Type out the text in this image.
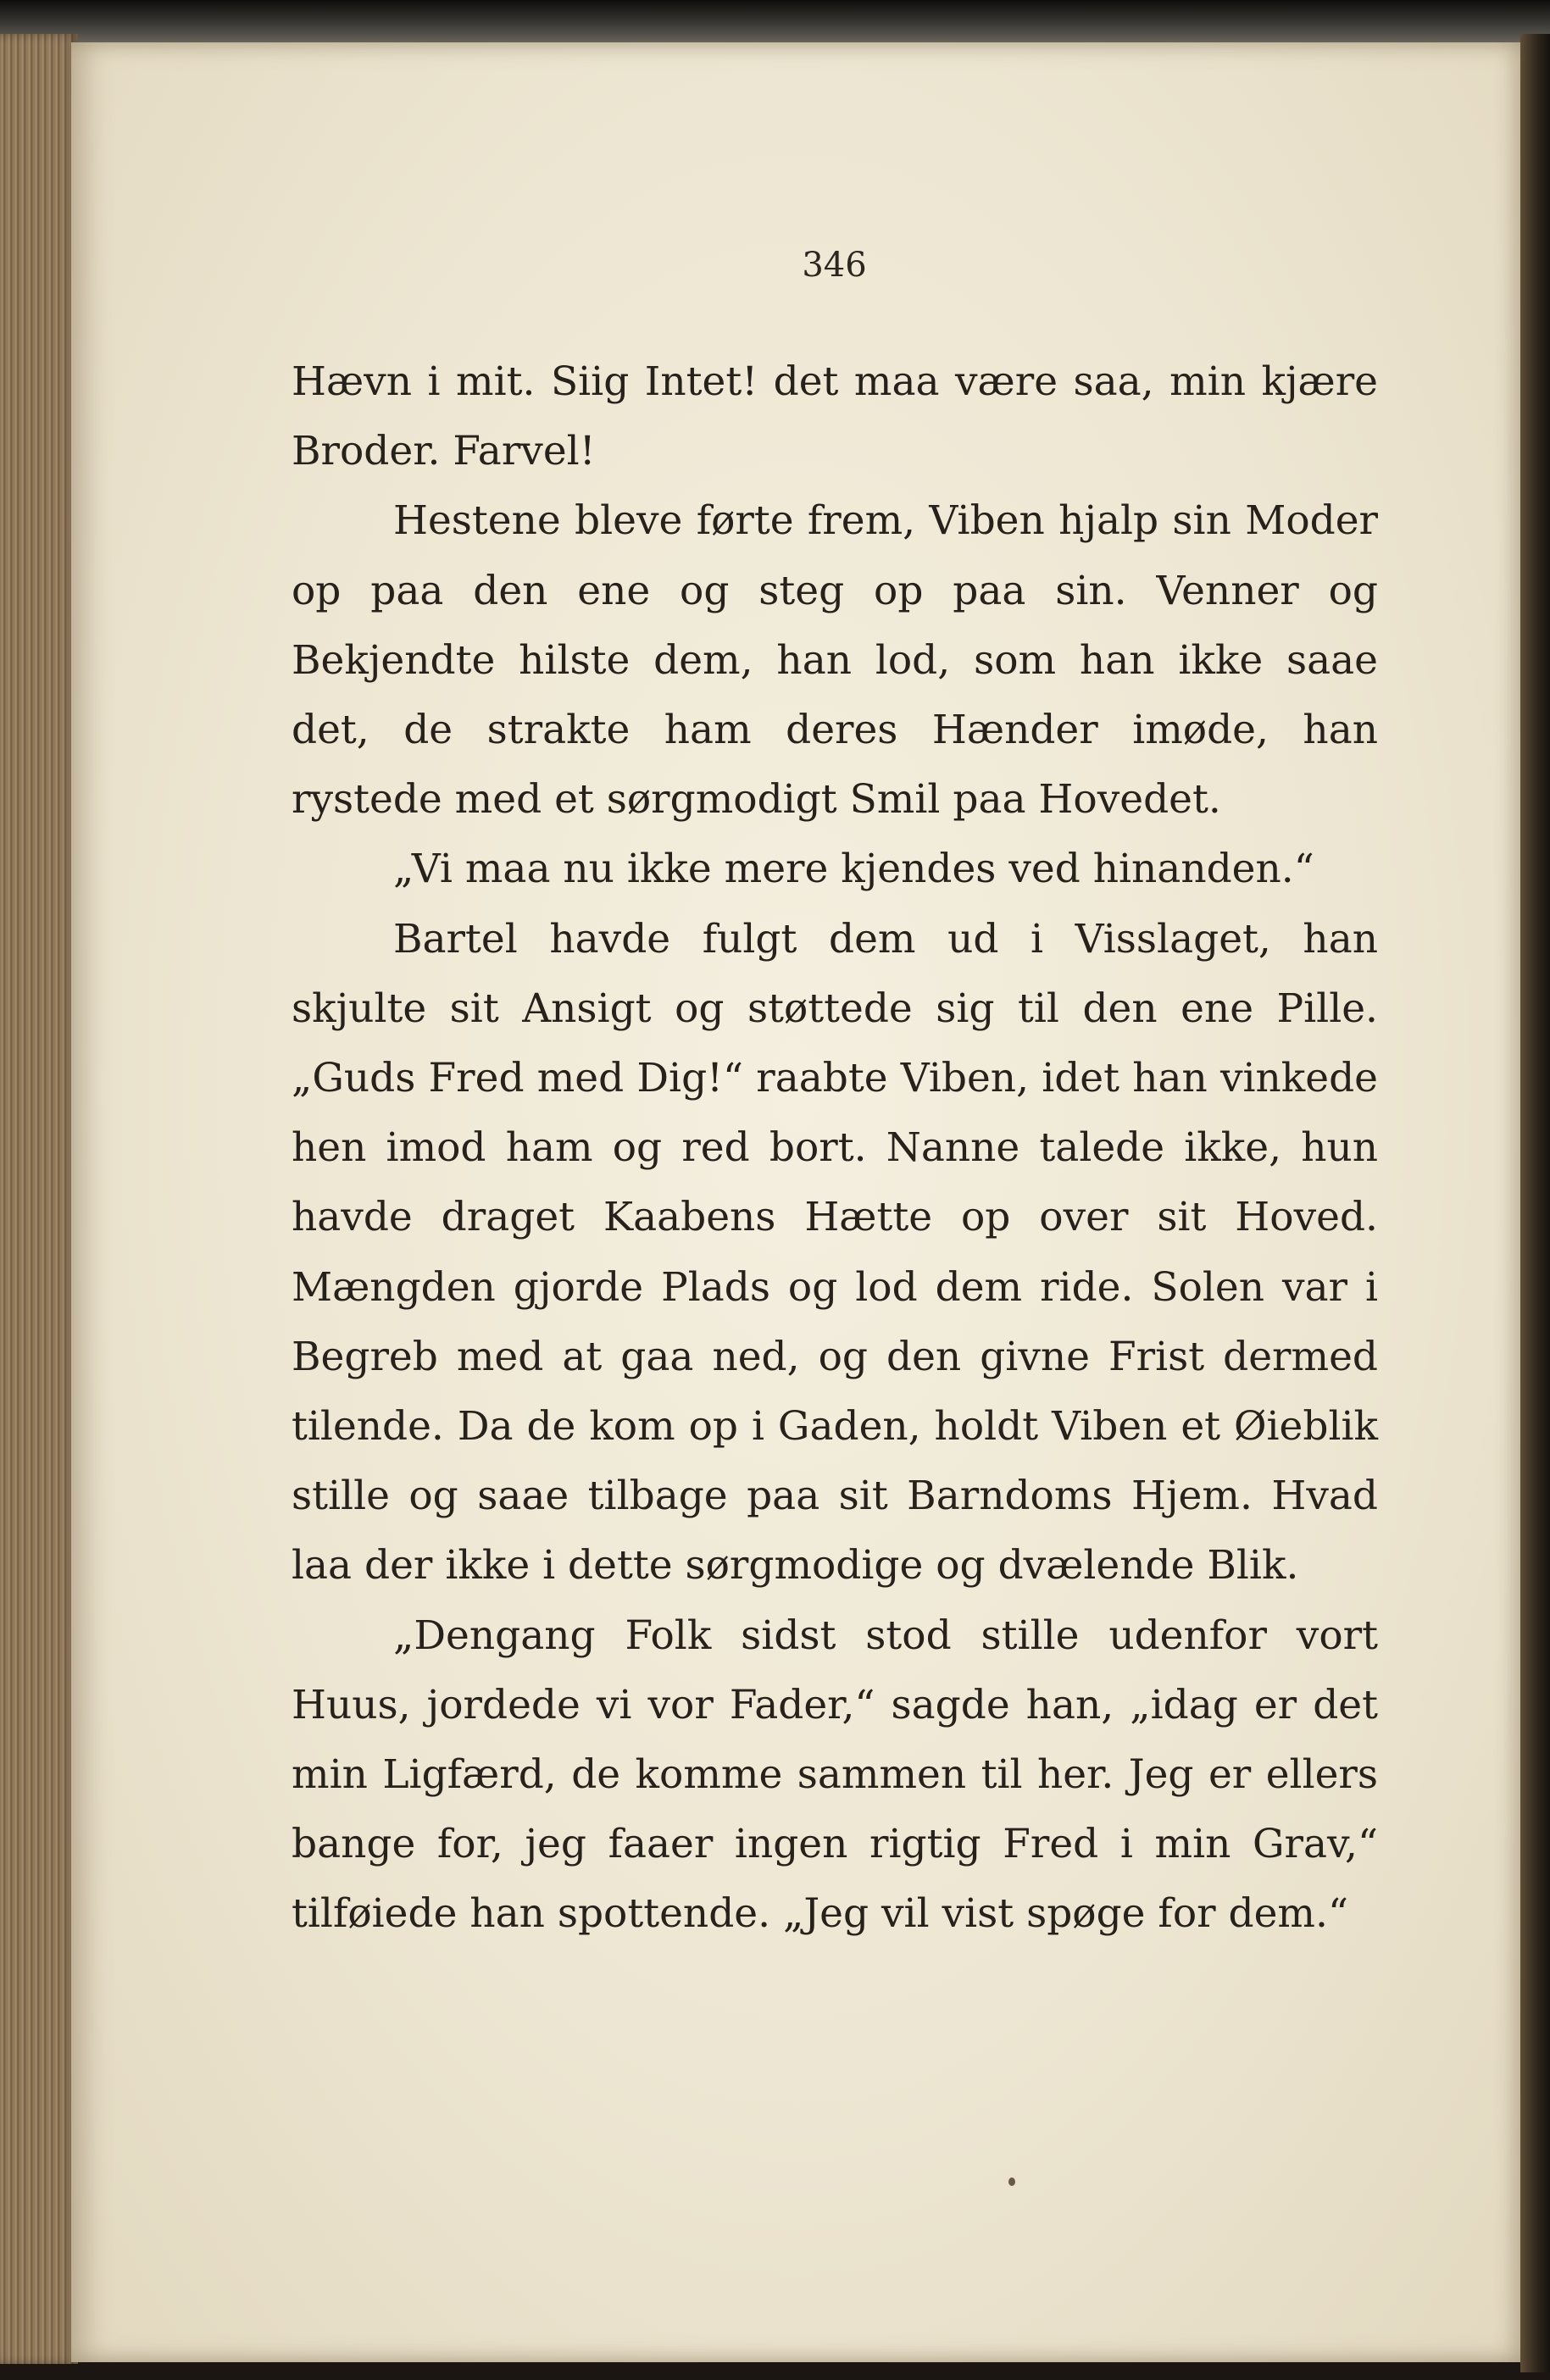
346

Hævn i mit. Siig Intet! det maa være saa, min kjære Broder. Farvel!

Hestene bleve førte frem, Viben hjalp sin Moder op paa den ene og steg op paa sin. Venner og Bekjendte hilste dem, han lod, som han ikke saae det, de strakte ham deres Hænder imøde, han rystede med et sørgmodigt Smil paa Hovedet.

„Vi maa nu ikke mere kjendes ved hinanden.“

Bartel havde fulgt dem ud i Visslaget, han skjulte sit Ansigt og støttede sig til den ene Pille. „Guds Fred med Dig!“ raabte Viben, idet han vinkede hen imod ham og red bort. Nanne talede ikke, hun havde draget Kaabens Hætte op over sit Hoved. Mængden gjorde Plads og lod dem ride. Solen var i Begreb med at gaa ned, og den givne Frist dermed tilende. Da de kom op i Gaden, holdt Viben et Øieblik stille og saae tilbage paa sit Barndoms Hjem. Hvad laa der ikke i dette sørgmodige og dvælende Blik.

„Dengang Folk sidst stod stille udenfor vort Huus, jordede vi vor Fader,“ sagde han, „idag er det min Ligfærd, de komme sammen til her. Jeg er ellers bange for, jeg faaer ingen rigtig Fred i min Grav,“ tilføiede han spottende. „Jeg vil vist spøge for dem.“
